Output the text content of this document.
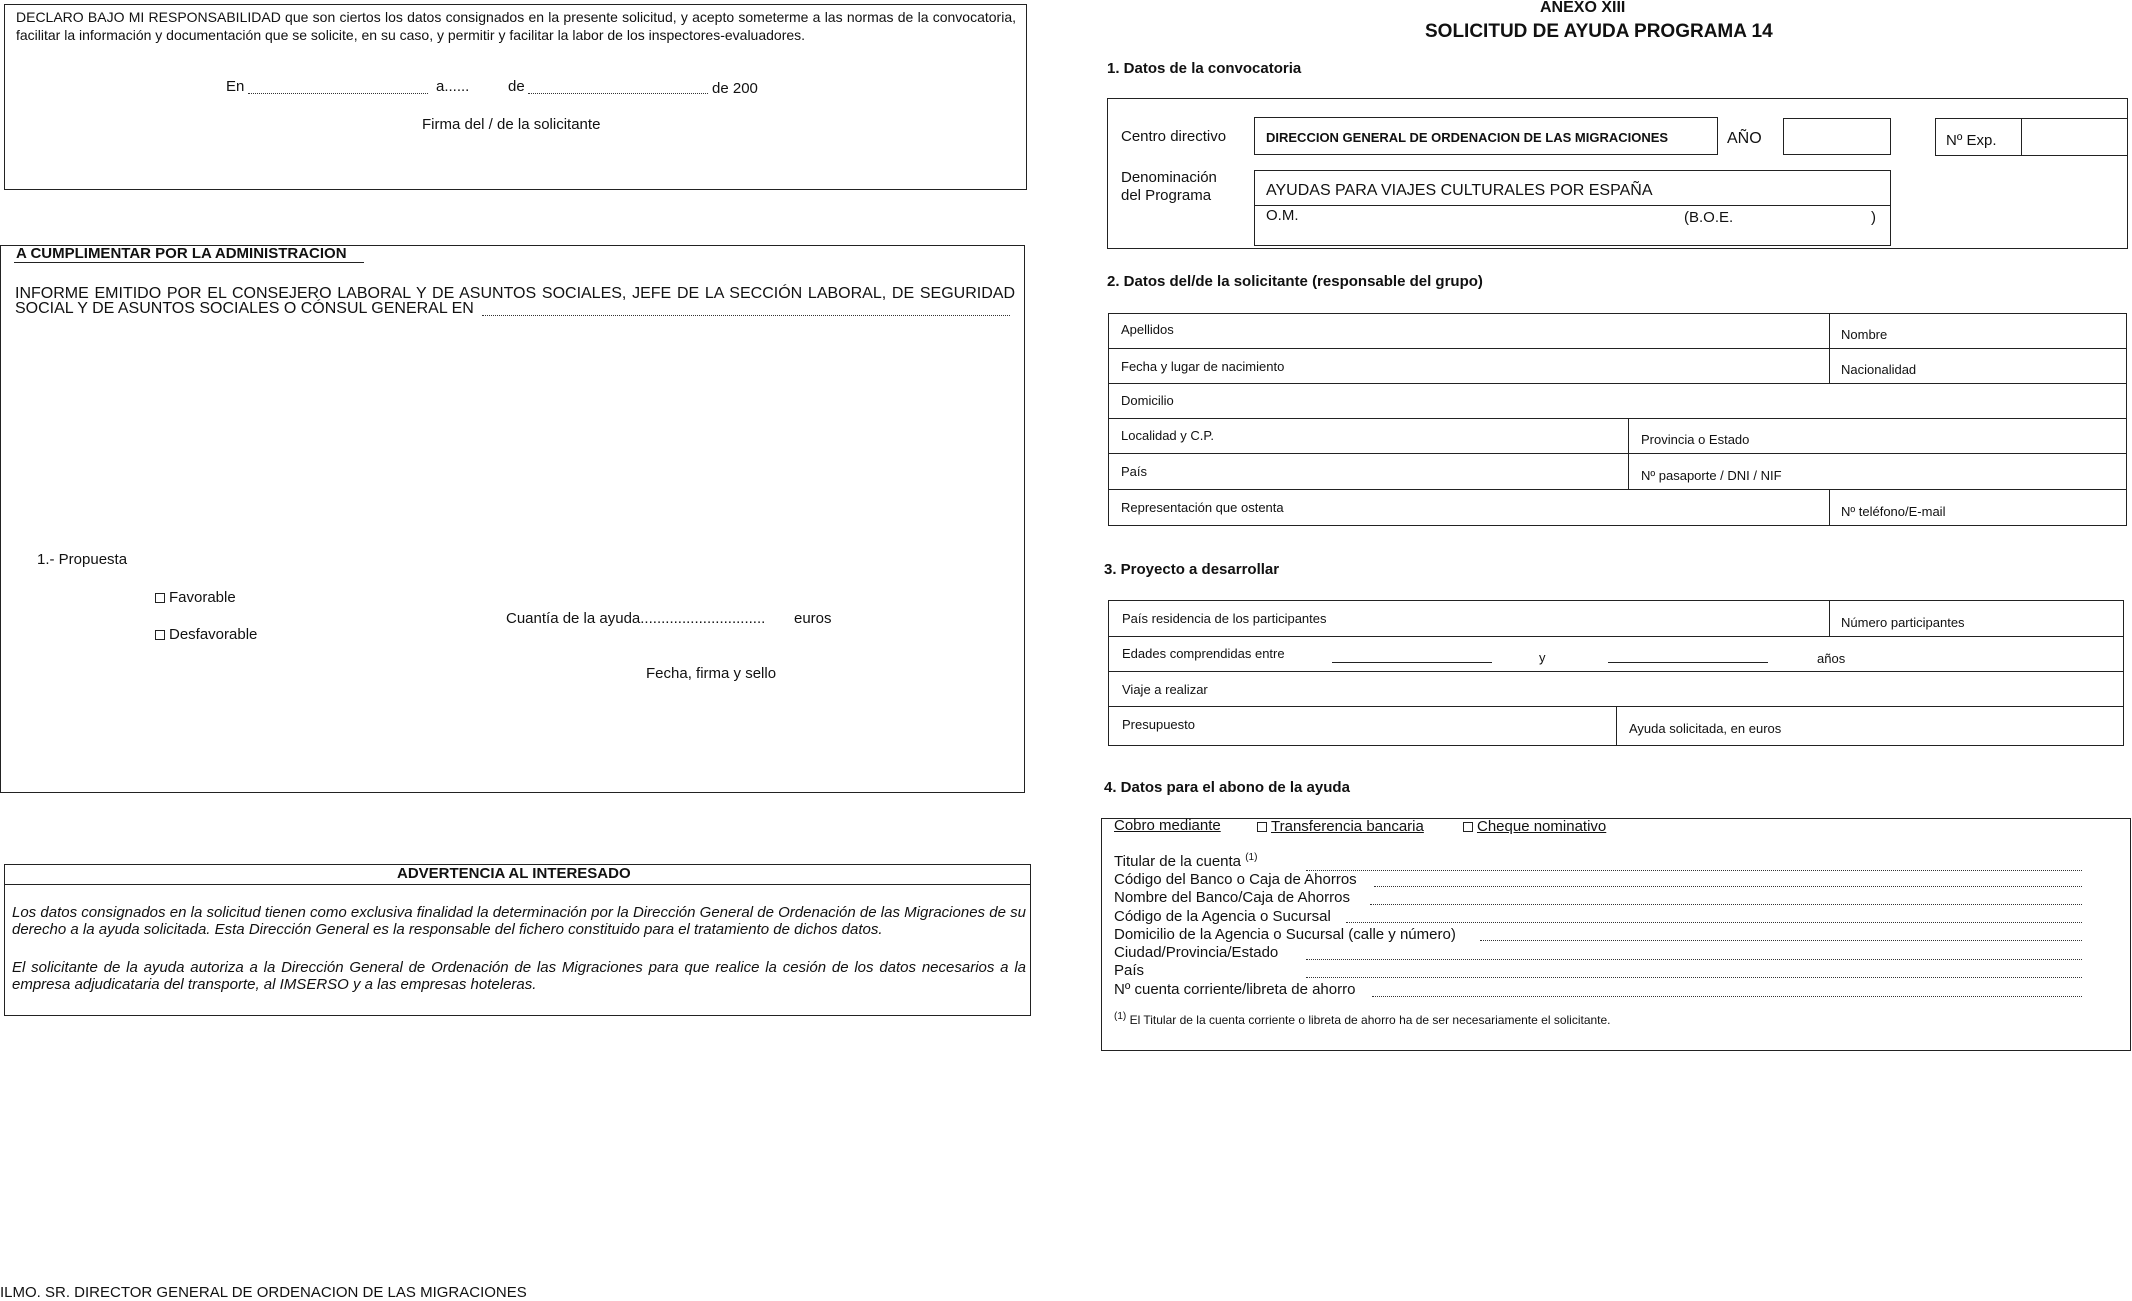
DECLARO BAJO MI RESPONSABILIDAD que son ciertos los datos consignados en la presente solicitud, y acepto someterme a las normas de la convocatoria, facilitar la información y documentación que se solicite, en su caso, y permitir y facilitar la labor de los inspectores-evaluadores.
En	a......	de	de 200
Firma del / de la solicitante
A CUMPLIMENTAR POR LA ADMINISTRACION
INFORME EMITIDO POR EL CONSEJERO LABORAL Y DE ASUNTOS SOCIALES, JEFE DE LA SECCIÓN LABORAL, DE SEGURIDAD SOCIAL Y DE ASUNTOS SOCIALES O CÓNSUL GENERAL EN
1.- Propuesta
Favorable
Desfavorable
Cuantía de la ayuda.............................. euros
Fecha, firma y sello
ADVERTENCIA AL INTERESADO
Los datos consignados en la solicitud tienen como exclusiva finalidad la determinación por la Dirección General de Ordenación de las Migraciones de su derecho a la ayuda solicitada. Esta Dirección General es la responsable del fichero constituido para el tratamiento de dichos datos.
El solicitante de la ayuda autoriza a la Dirección General de Ordenación de las Migraciones para que realice la cesión de los datos necesarios a la empresa adjudicataria del transporte, al IMSERSO y a las empresas hoteleras.
ILMO. SR. DIRECTOR GENERAL DE ORDENACION DE LAS MIGRACIONES
ANEXO XIII
SOLICITUD DE AYUDA PROGRAMA 14
1. Datos de la convocatoria
Centro directivo	DIRECCION GENERAL DE ORDENACION DE LAS MIGRACIONES	AÑO	Nº Exp.
Denominación
del Programa	AYUDAS PARA VIAJES CULTURALES POR ESPAÑA
O.M.	(B.O.E.	)
2. Datos del/de la solicitante (responsable del grupo)
Apellidos	Nombre
Fecha y lugar de nacimiento	Nacionalidad
Domicilio
Localidad y C.P.	Provincia o Estado
País	Nº pasaporte / DNI / NIF
Representación que ostenta	Nº teléfono/E-mail
3. Proyecto a desarrollar
País residencia de los participantes	Número participantes
Edades comprendidas entre	y	años
Viaje a realizar
Presupuesto	Ayuda solicitada, en euros
4. Datos para el abono de la ayuda
Cobro mediante	Transferencia bancaria	Cheque nominativo
Titular de la cuenta $^{(1)}$
Código del Banco o Caja de Ahorros
Nombre del Banco/Caja de Ahorros
Código de la Agencia o Sucursal
Domicilio de la Agencia o Sucursal (calle y número)
Ciudad/Provincia/Estado
País
Nº cuenta corriente/libreta de ahorro
$^{(1)}$ El Titular de la cuenta corriente o libreta de ahorro ha de ser necesariamente el solicitante.
